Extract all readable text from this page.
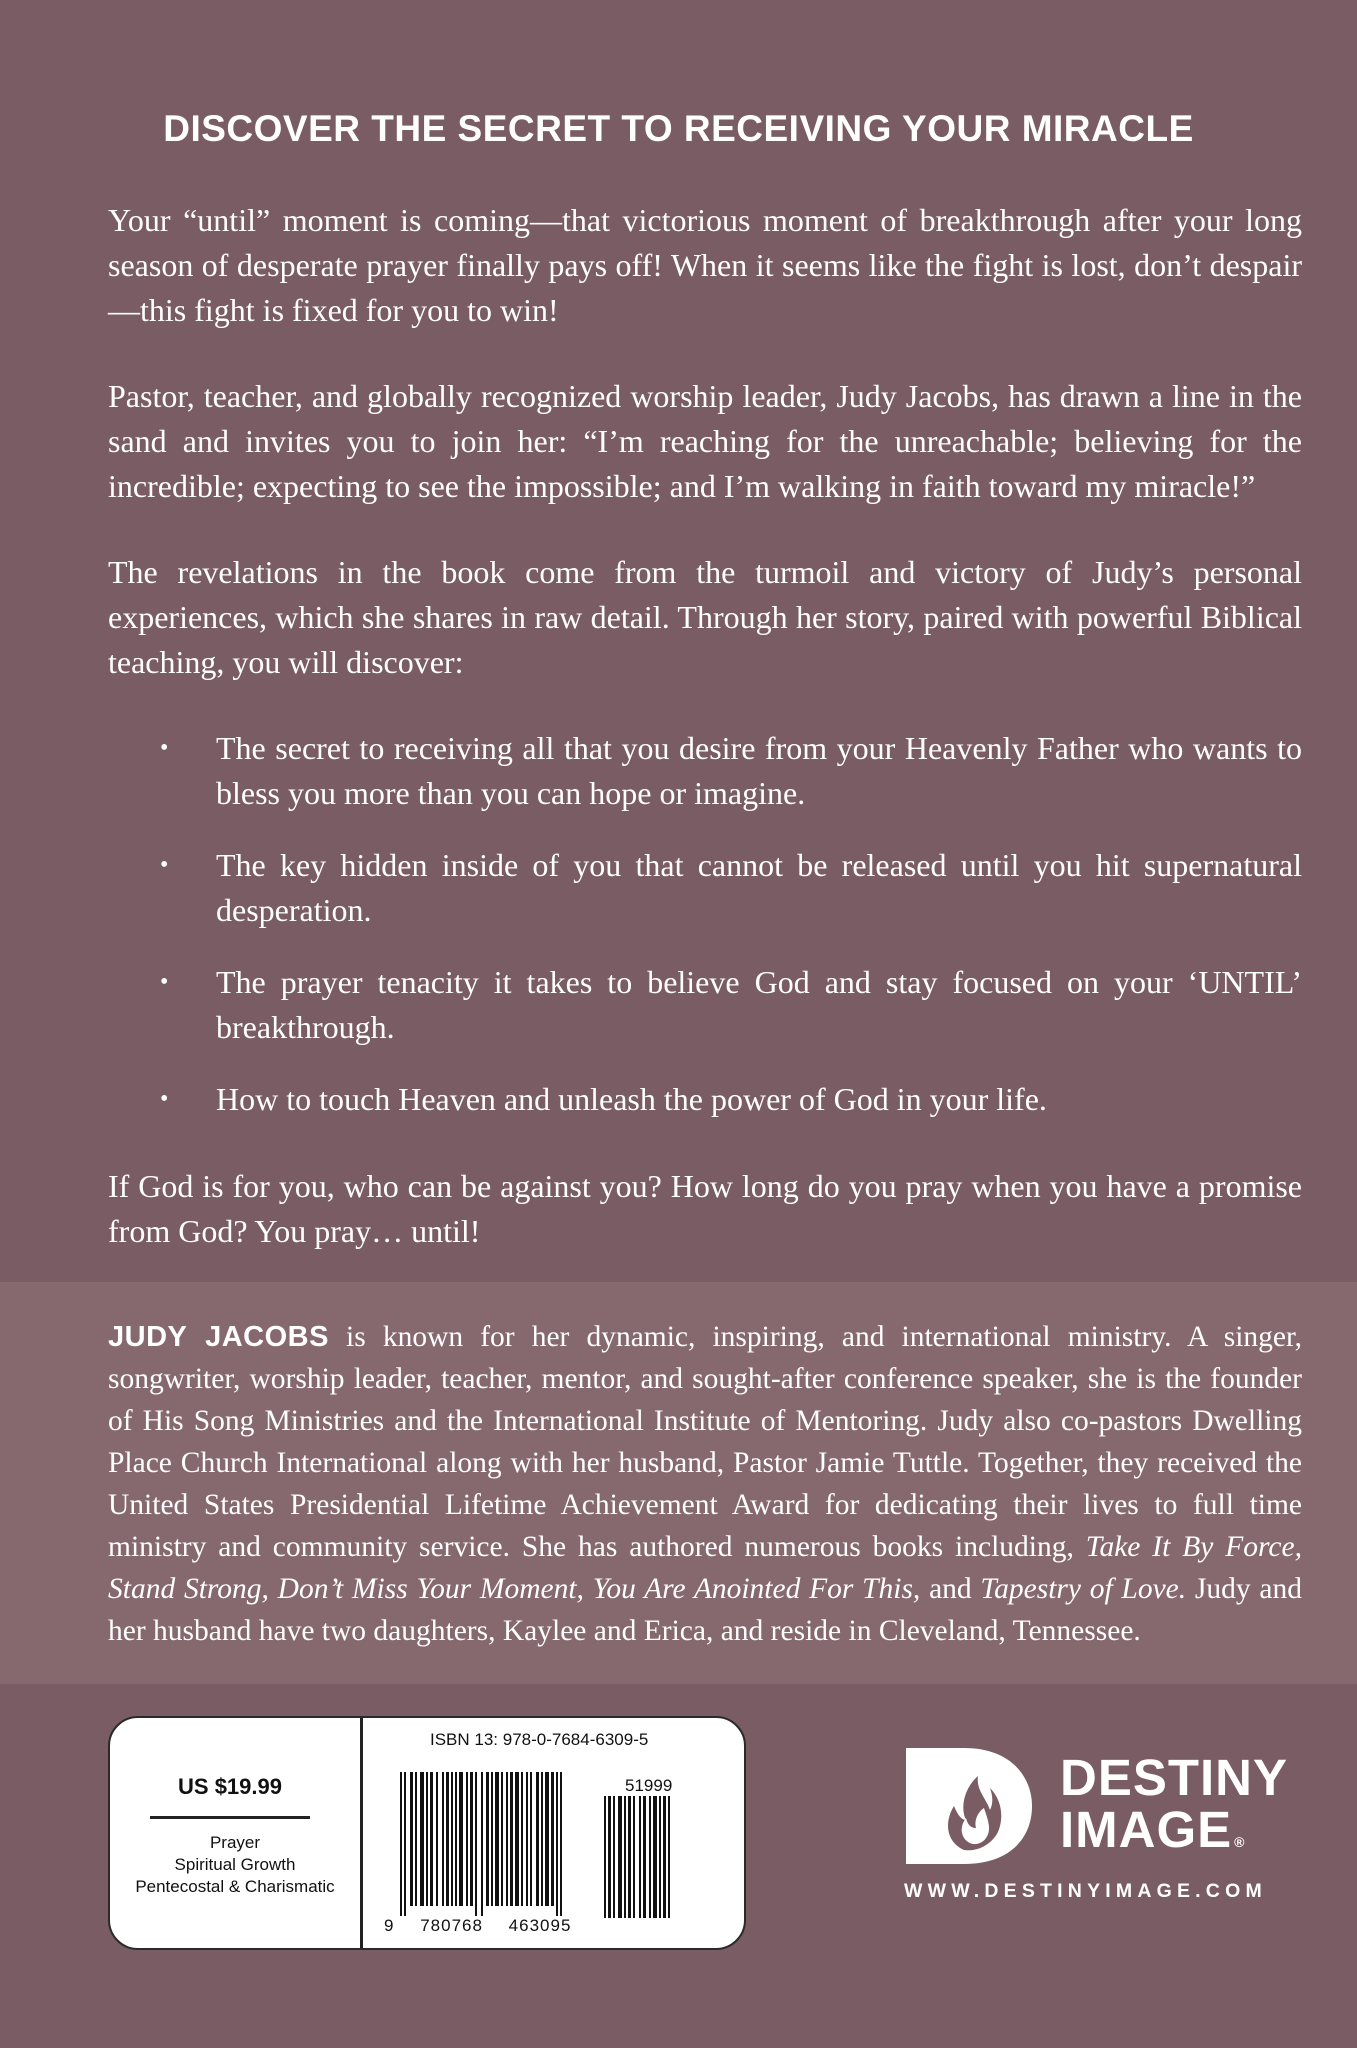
DISCOVER THE SECRET TO RECEIVING YOUR MIRACLE

Your “until” moment is coming—that victorious moment of breakthrough after your long season of desperate prayer finally pays off! When it seems like the fight is lost, don’t despair—this fight is fixed for you to win!

Pastor, teacher, and globally recognized worship leader, Judy Jacobs, has drawn a line in the sand and invites you to join her: “I’m reaching for the unreachable; believing for the incredible; expecting to see the impossible; and I’m walking in faith toward my miracle!”

The revelations in the book come from the turmoil and victory of Judy’s personal experiences, which she shares in raw detail. Through her story, paired with powerful Biblical teaching, you will discover:

• The secret to receiving all that you desire from your Heavenly Father who wants to bless you more than you can hope or imagine.
• The key hidden inside of you that cannot be released until you hit supernatural desperation.
• The prayer tenacity it takes to believe God and stay focused on your ‘UNTIL’ breakthrough.
• How to touch Heaven and unleash the power of God in your life.

If God is for you, who can be against you? How long do you pray when you have a promise from God? You pray… until!

JUDY JACOBS is known for her dynamic, inspiring, and international ministry. A singer, songwriter, worship leader, teacher, mentor, and sought-after conference speaker, she is the founder of His Song Ministries and the International Institute of Mentoring. Judy also co-pastors Dwelling Place Church International along with her husband, Pastor Jamie Tuttle. Together, they received the United States Presidential Lifetime Achievement Award for dedicating their lives to full time ministry and community service. She has authored numerous books including, Take It By Force, Stand Strong, Don’t Miss Your Moment, You Are Anointed For This, and Tapestry of Love. Judy and her husband have two daughters, Kaylee and Erica, and reside in Cleveland, Tennessee.

US $19.99
Prayer
Spiritual Growth
Pentecostal & Charismatic
ISBN 13: 978-0-7684-6309-5
51999
9 780768 463095
DESTINY
IMAGE ®
WWW.DESTINYIMAGE.COM
